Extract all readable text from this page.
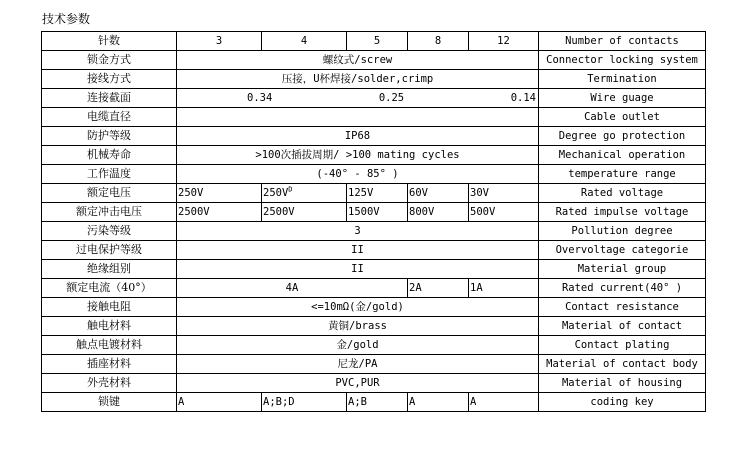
技术参数
针数	3	4	5	8	12	Number of contacts
锁金方式	螺纹式/screw					Connector locking system
接线方式	压接，U杯焊接/solder,crimp					Termination
连接截面	0.34 0.25 0.14					Wire guage
电缆直径						Cable outlet
防护等级	IP68					Degree go protection
机械寿命	>100次插拔周期/ >100 mating cycles					Mechanical operation
工作温度	(-40° - 85° )					temperature range
额定电压	250V	$250V^D$	125V	60V	30V	Rated voltage
额定冲击电压	2500V	2500V	1500V	800V	500V	Rated impulse voltage
污染等级	3					Pollution degree
过电保护等级	II					Overvoltage categorie
绝缘组别	II					Material group
额定电流（40°）	4A			2A	1A	Rated current(40° )
接触电阻	<=10mΩ(金/gold)					Contact resistance
触电材料	黄铜/brass					Material of contact
触点电镀材料	金/gold					Contact plating
插座材料	尼龙/PA					Material of contact body
外壳材料	PVC,PUR					Material of housing
锁键	A	A;B;D	A;B	A	A	coding key
